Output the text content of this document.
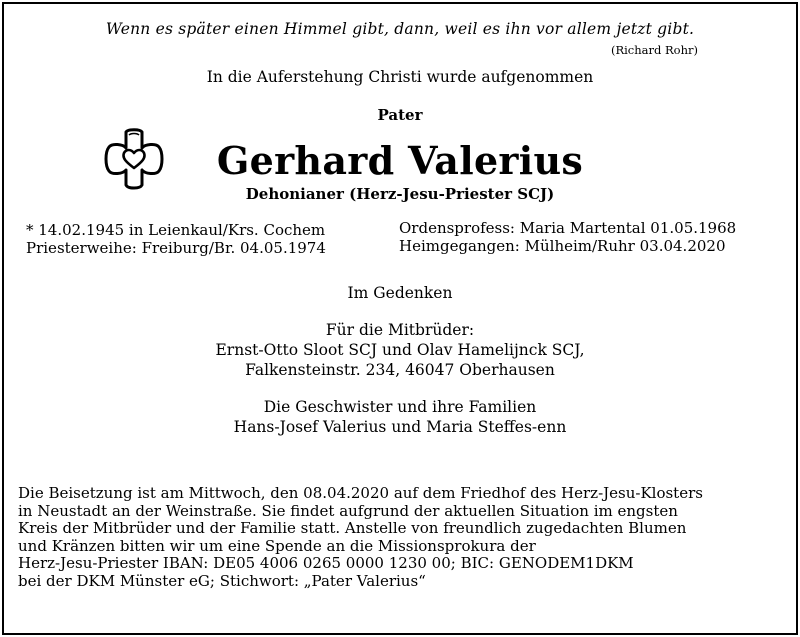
Wenn es später einen Himmel gibt, dann, weil es ihn vor allem jetzt gibt.
(Richard Rohr)
In die Auferstehung Christi wurde aufgenommen
Pater
Gerhard Valerius
Dehonianer (Herz-Jesu-Priester SCJ)
* 14.02.1945 in Leienkaul/Krs. Cochem
Priesterweihe: Freiburg/Br. 04.05.1974
Ordensprofess: Maria Martental 01.05.1968
Heimgegangen: Mülheim/Ruhr 03.04.2020
Im Gedenken
Für die Mitbrüder:
Ernst-Otto Sloot SCJ und Olav Hamelijnck SCJ,
Falkensteinstr. 234, 46047 Oberhausen
Die Geschwister und ihre Familien
Hans-Josef Valerius und Maria Steffes-enn
Die Beisetzung ist am Mittwoch, den 08.04.2020 auf dem Friedhof des Herz-Jesu-Klosters
in Neustadt an der Weinstraße. Sie findet aufgrund der aktuellen Situation im engsten
Kreis der Mitbrüder und der Familie statt. Anstelle von freundlich zugedachten Blumen
und Kränzen bitten wir um eine Spende an die Missionsprokura der
Herz-Jesu-Priester IBAN: DE05 4006 0265 0000 1230 00; BIC: GENODEM1DKM
bei der DKM Münster eG; Stichwort: „Pater Valerius“
